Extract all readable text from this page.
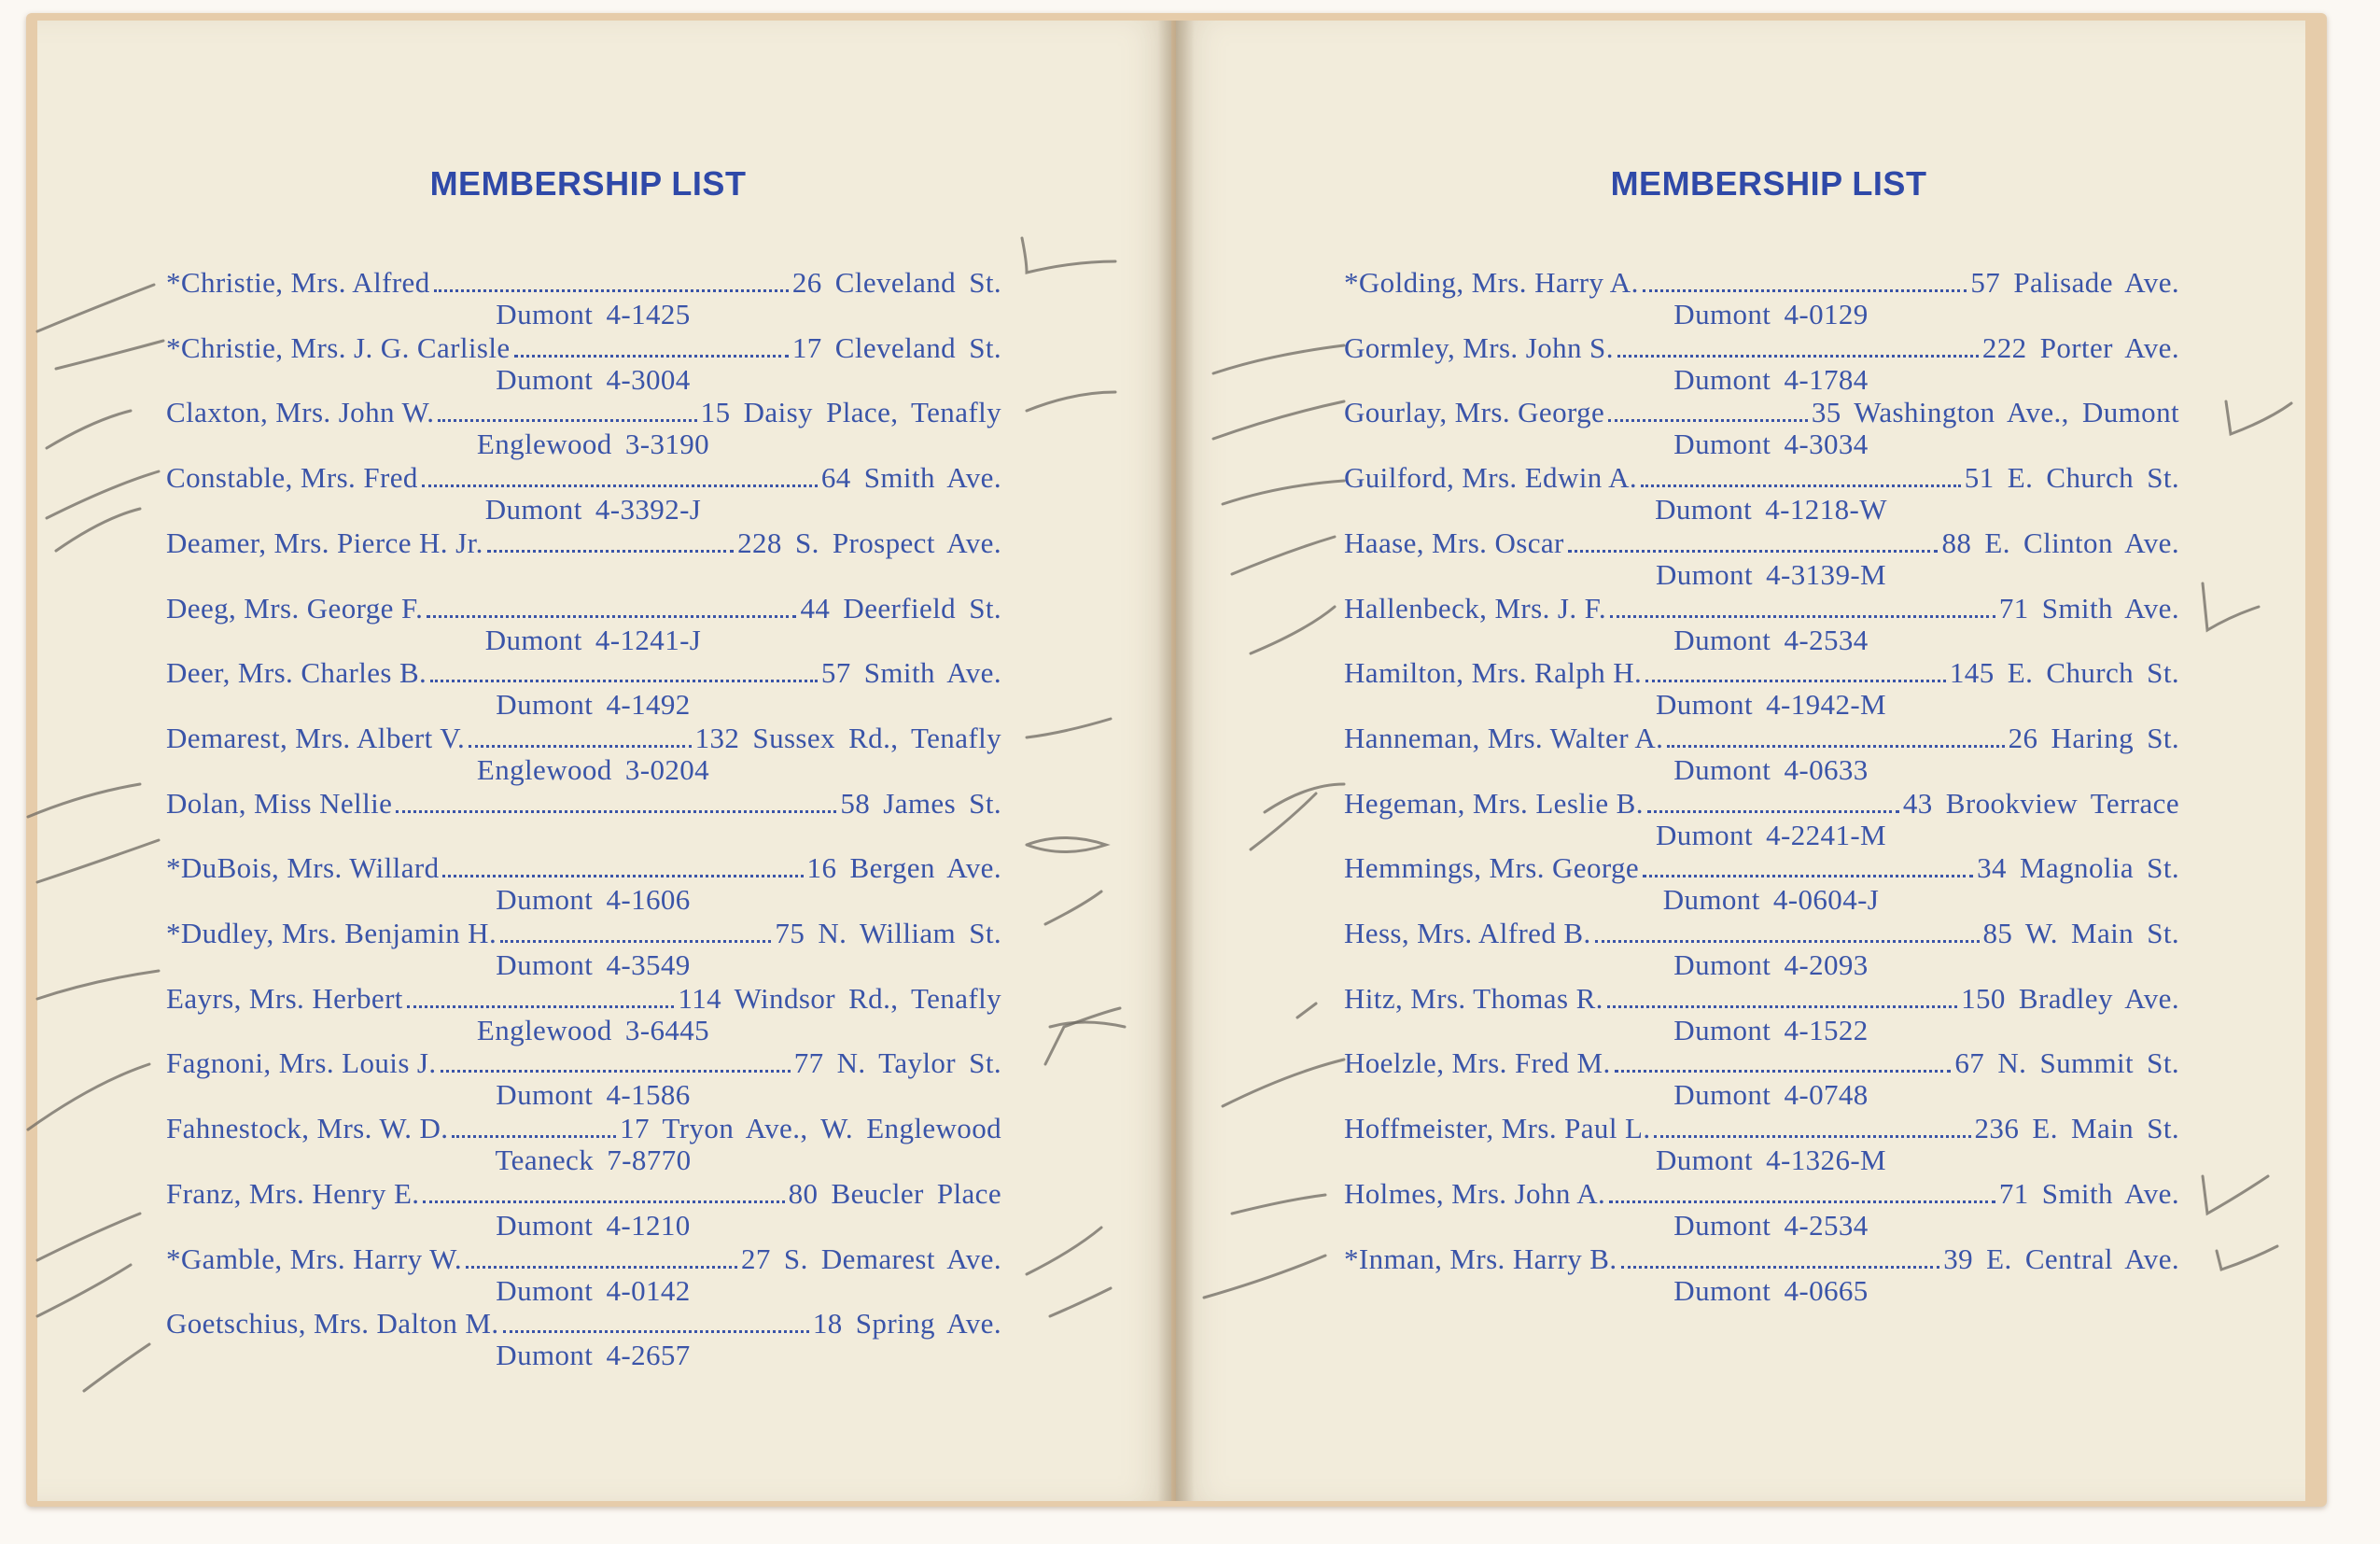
MEMBERSHIP LIST	MEMBERSHIP LIST
*Christie, Mrs. Alfred	26 Cleveland St.
Dumont 4-1425
*Christie, Mrs. J. G. Carlisle	17 Cleveland St.
Dumont 4-3004
Claxton, Mrs. John W.	15 Daisy Place, Tenafly
Englewood 3-3190
Constable, Mrs. Fred	64 Smith Ave.
Dumont 4-3392-J
Deamer, Mrs. Pierce H. Jr.	228 S. Prospect Ave.
Deeg, Mrs. George F.	44 Deerfield St.
Dumont 4-1241-J
Deer, Mrs. Charles B.	57 Smith Ave.
Dumont 4-1492
Demarest, Mrs. Albert V.	132 Sussex Rd., Tenafly
Englewood 3-0204
Dolan, Miss Nellie	58 James St.
*DuBois, Mrs. Willard	16 Bergen Ave.
Dumont 4-1606
*Dudley, Mrs. Benjamin H.	75 N. William St.
Dumont 4-3549
Eayrs, Mrs. Herbert	114 Windsor Rd., Tenafly
Englewood 3-6445
Fagnoni, Mrs. Louis J.	77 N. Taylor St.
Dumont 4-1586
Fahnestock, Mrs. W. D.	17 Tryon Ave., W. Englewood
Teaneck 7-8770
Franz, Mrs. Henry E.	80 Beucler Place
Dumont 4-1210
*Gamble, Mrs. Harry W.	27 S. Demarest Ave.
Dumont 4-0142
Goetschius, Mrs. Dalton M.	18 Spring Ave.
Dumont 4-2657
*Golding, Mrs. Harry A.	57 Palisade Ave.
Dumont 4-0129
Gormley, Mrs. John S.	222 Porter Ave.
Dumont 4-1784
Gourlay, Mrs. George	35 Washington Ave., Dumont
Dumont 4-3034
Guilford, Mrs. Edwin A.	51 E. Church St.
Dumont 4-1218-W
Haase, Mrs. Oscar	88 E. Clinton Ave.
Dumont 4-3139-M
Hallenbeck, Mrs. J. F.	71 Smith Ave.
Dumont 4-2534
Hamilton, Mrs. Ralph H.	145 E. Church St.
Dumont 4-1942-M
Hanneman, Mrs. Walter A.	26 Haring St.
Dumont 4-0633
Hegeman, Mrs. Leslie B.	43 Brookview Terrace
Dumont 4-2241-M
Hemmings, Mrs. George	34 Magnolia St.
Dumont 4-0604-J
Hess, Mrs. Alfred B.	85 W. Main St.
Dumont 4-2093
Hitz, Mrs. Thomas R.	150 Bradley Ave.
Dumont 4-1522
Hoelzle, Mrs. Fred M.	67 N. Summit St.
Dumont 4-0748
Hoffmeister, Mrs. Paul L.	236 E. Main St.
Dumont 4-1326-M
Holmes, Mrs. John A.	71 Smith Ave.
Dumont 4-2534
*Inman, Mrs. Harry B.	39 E. Central Ave.
Dumont 4-0665
